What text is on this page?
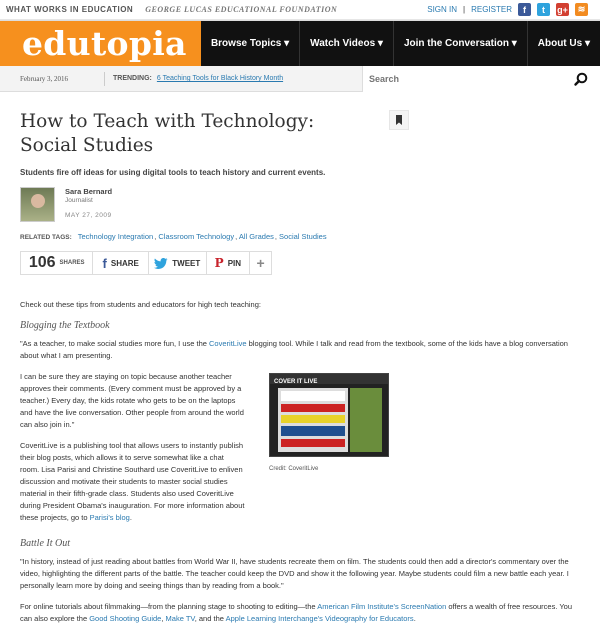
WHAT WORKS IN EDUCATION GEORGE LUCAS EDUCATIONAL FOUNDATION	SIGN IN | REGISTER	f	t	g+	≋
edutopia	Browse Topics ▾	Watch Videos ▾	Join the Conversation ▾	About Us ▾
February 3, 2016	TRENDING: 6 Teaching Tools for Black History Month
Search
How to Teach with Technology: Social Studies
Students fire off ideas for using digital tools to teach history and current events.
Sara Bernard
Journalist
MAY 27, 2009
RELATED TAGS: Technology Integration, Classroom Technology, All Grades, Social Studies
106 SHARES f SHARE	TWEET P PIN	+

Check out these tips from students and educators for high tech teaching:

Blogging the Textbook

"As a teacher, to make social studies more fun, I use the CoveritLive blogging tool. While I talk and read from the textbook, some of the kids have a blog conversation about what I am presenting.

I can be sure they are staying on topic because another teacher approves their comments. (Every comment must be approved by a teacher.) Every day, the kids rotate who gets to be on the laptops and have the live conversation. Other people from around the world can also join in."

CoveritLive is a publishing tool that allows users to instantly publish their blog posts, which allows it to serve somewhat like a chat room. Lisa Parisi and Christine Southard use CoveritLive to enliven discussion and motivate their students to master social studies material in their fifth-grade class. Students also used CoveritLive during President Obama's inauguration. For more information about these projects, go to Parisi's blog.

COVER IT LIVE
Credit: CoveritLive
Battle It Out

"In history, instead of just reading about battles from World War II, have students recreate them on film. The students could then add a director's commentary over the video, highlighting the different parts of the battle. The teacher could keep the DVD and show it the following year. Maybe students could film a new battle each year. I personally learn more by doing and seeing things than by reading from a book."

For online tutorials about filmmaking—from the planning stage to shooting to editing—the American Film Institute's ScreenNation offers a wealth of free resources. You can also explore the Good Shooting Guide, Make TV, and the Apple Learning Interchange's Videography for Educators.
